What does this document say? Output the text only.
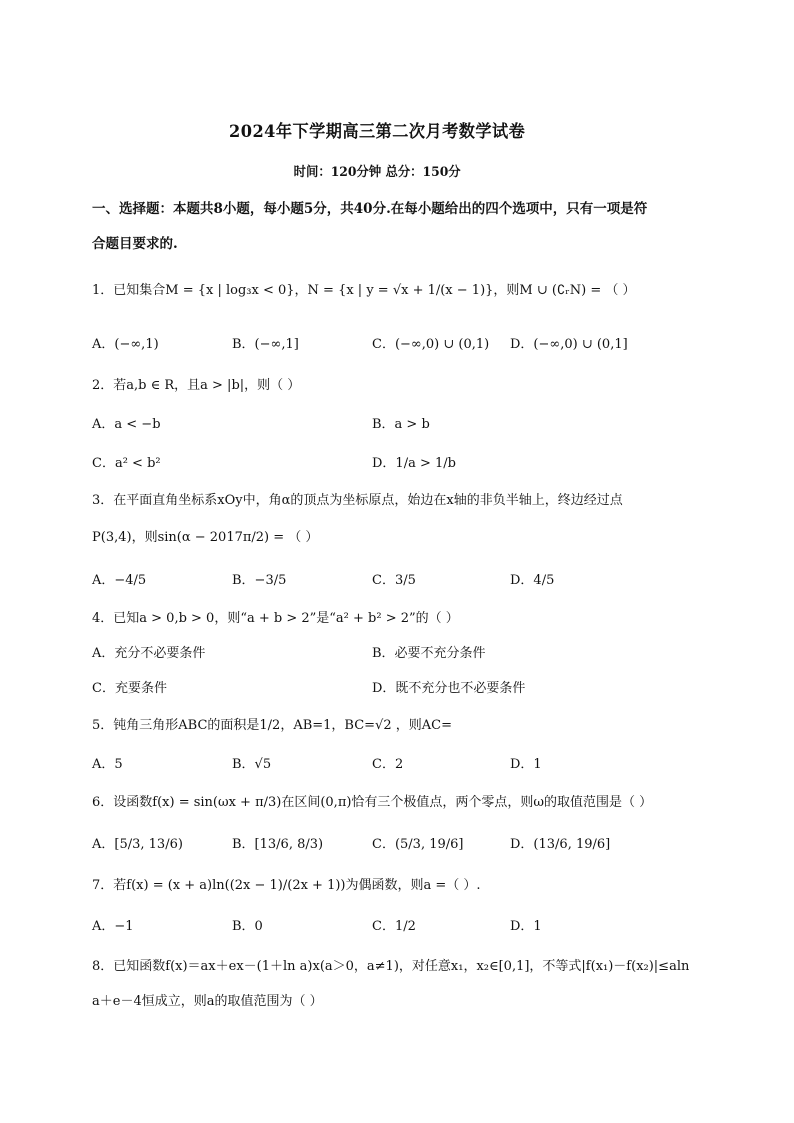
2024年下学期高三第二次月考数学试卷
时间：120分钟 总分：150分
一、选择题：本题共8小题，每小题5分，共40分.在每小题给出的四个选项中，只有一项是符
合题目要求的.
1．已知集合M = {x | log₃x < 0}，N = {x | y = √x + 1/(x − 1)}，则M ∪ (∁ᵣN) = （ ）
A．(−∞,1)	B．(−∞,1]	C．(−∞,0) ∪ (0,1) D．(−∞,0) ∪ (0,1]
2．若a,b ∈ R，且a > |b|，则（ ）
A．a < −b	B．a > b
C．a² < b²	D．1/a > 1/b
3．在平面直角坐标系xOy中，角α的顶点为坐标原点，始边在x轴的非负半轴上，终边经过点
P(3,4)，则sin(α − 2017π/2) = （ ）
A．−4/5	B．−3/5	C．3/5	D．4/5
4．已知a > 0,b > 0，则“a + b > 2”是“a² + b² > 2”的（ ）
A．充分不必要条件	B．必要不充分条件
C．充要条件	D．既不充分也不必要条件
5．钝角三角形ABC的面积是1/2，AB=1，BC=√2 ，则AC=
A．5	B．√5	C．2	D．1
6．设函数f(x) = sin(ωx + π/3)在区间(0,π)恰有三个极值点，两个零点，则ω的取值范围是（ ）
A．[5/3, 13/6)	B．[13/6, 8/3)	C．(5/3, 19/6]	D．(13/6, 19/6]
7．若f(x) = (x + a)ln((2x − 1)/(2x + 1))为偶函数，则a =（ ）.
A．−1	B．0	C．1/2	D．1
8．已知函数f(x)＝ax＋ex－(1＋ln a)x(a＞0，a≠1)，对任意x₁，x₂∈[0,1]，不等式|f(x₁)－f(x₂)|≤aln
a＋e－4恒成立，则a的取值范围为（ ）
